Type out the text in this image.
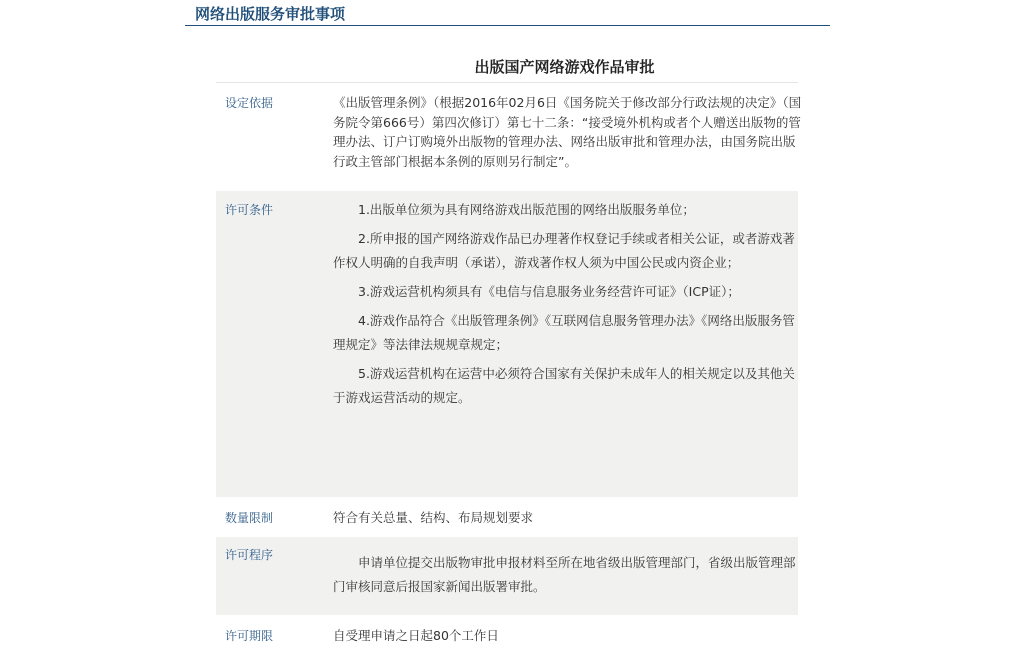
网络出版服务审批事项
出版国产网络游戏作品审批
设定依据	《出版管理条例》（根据2016年02月6日《国务院关于修改部分行政法规的决定》（国务院令第666号）第四次修订）第七十二条：“接受境外机构或者个人赠送出版物的管理办法、订户订购境外出版物的管理办法、网络出版审批和管理办法，由国务院出版行政主管部门根据本条例的原则另行制定”。
许可条件	1.出版单位须为具有网络游戏出版范围的网络出版服务单位；

2.所申报的国产网络游戏作品已办理著作权登记手续或者相关公证，或者游戏著作权人明确的自我声明（承诺），游戏著作权人须为中国公民或内资企业；

3.游戏运营机构须具有《电信与信息服务业务经营许可证》（ICP证）；

4.游戏作品符合《出版管理条例》《互联网信息服务管理办法》《网络出版服务管理规定》等法律法规规章规定；

5.游戏运营机构在运营中必须符合国家有关保护未成年人的相关规定以及其他关于游戏运营活动的规定。

数量限制	符合有关总量、结构、布局规划要求
许可程序	申请单位提交出版物审批申报材料至所在地省级出版管理部门，省级出版管理部门审核同意后报国家新闻出版署审批。

许可期限	自受理申请之日起80个工作日
